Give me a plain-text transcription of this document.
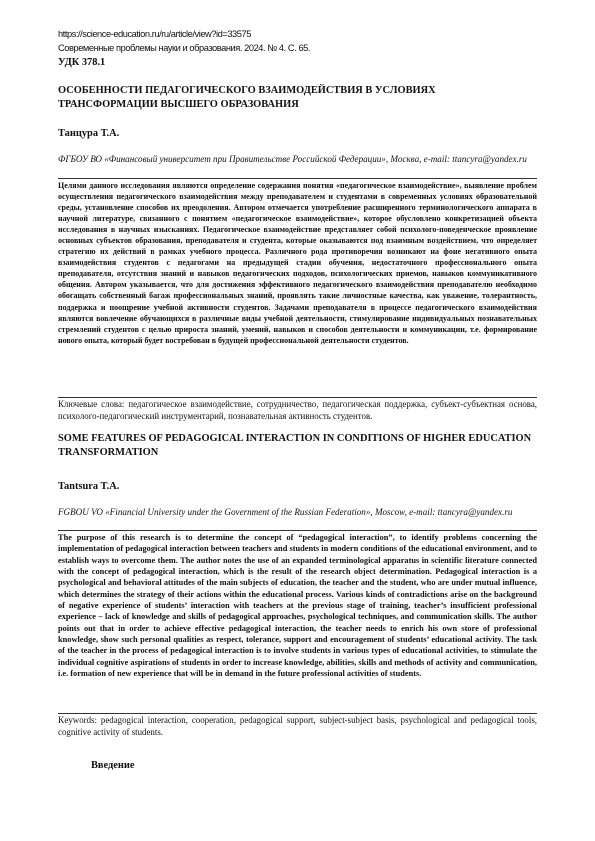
https://science-education.ru/ru/article/view?id=33575
Современные проблемы науки и образования. 2024. № 4. С. 65.
УДК 378.1
ОСОБЕННОСТИ ПЕДАГОГИЧЕСКОГО ВЗАИМОДЕЙСТВИЯ В УСЛОВИЯХ ТРАНСФОРМАЦИИ ВЫСШЕГО ОБРАЗОВАНИЯ
Танцура Т.А.
ФГБОУ ВО «Финансовый университет при Правительстве Российской Федерации», Москва, e-mail: ttancyra@yandex.ru
Целями данного исследования являются определение содержания понятия «педагогическое взаимодействие», выявление проблем осуществления педагогического взаимодействия между преподавателем и студентами в современных условиях образовательной среды, установление способов их преодоления. Автором отмечается употребление расширенного терминологического аппарата в научной литературе, связанного с понятием «педагогическое взаимодействие», которое обусловлено конкретизацией объекта исследования в научных изысканиях. Педагогическое взаимодействие представляет собой психолого-поведенческое проявление основных субъектов образования, преподавателя и студента, которые оказываются под взаимным воздействием, что определяет стратегию их действий в рамках учебного процесса. Различного рода противоречия возникают на фоне негативного опыта взаимодействия студентов с педагогами на предыдущей стадии обучения, недостаточного профессионального опыта преподавателя, отсутствия знаний и навыков педагогических подходов, психологических приемов, навыков коммуникативного общения. Автором указывается, что для достижения эффективного педагогического взаимодействия преподавателю необходимо обогащать собственный багаж профессиональных знаний, проявлять такие личностные качества, как уважение, толерантность, поддержка и поощрение учебной активности студентов. Задачами преподавателя в процессе педагогического взаимодействия являются вовлечение обучающихся в различные виды учебной деятельности, стимулирование индивидуальных познавательных стремлений студентов с целью прироста знаний, умений, навыков и способов деятельности и коммуникации, т.е. формирование нового опыта, который будет востребован в будущей профессиональной деятельности студентов.
Ключевые слова: педагогическое взаимодействие, сотрудничество, педагогическая поддержка, субъект-субъектная основа, психолого-педагогический инструментарий, познавательная активность студентов.
SOME FEATURES OF PEDAGOGICAL INTERACTION IN CONDITIONS OF HIGHER EDUCATION TRANSFORMATION
Tantsura T.A.
FGBOU VO «Financial University under the Government of the Russian Federation», Moscow, e-mail: ttancyra@yandex.ru
The purpose of this research is to determine the concept of “pedagogical interaction”, to identify problems concerning the implementation of pedagogical interaction between teachers and students in modern conditions of the educational environment, and to establish ways to overcome them. The author notes the use of an expanded terminological apparatus in scientific literature connected with the concept of pedagogical interaction, which is the result of the research object determination. Pedagogical interaction is a psychological and behavioral attitudes of the main subjects of education, the teacher and the student, who are under mutual influence, which determines the strategy of their actions within the educational process. Various kinds of contradictions arise on the background of negative experience of students’ interaction with teachers at the previous stage of training, teacher’s insufficient professional experience – lack of knowledge and skills of pedagogical approaches, psychological techniques, and communication skills. The author points out that in order to achieve effective pedagogical interaction, the teacher needs to enrich his own store of professional knowledge, show such personal qualities as respect, tolerance, support and encouragement of students’ educational activity. The task of the teacher in the process of pedagogical interaction is to involve students in various types of educational activities, to stimulate the individual cognitive aspirations of students in order to increase knowledge, abilities, skills and methods of activity and communication, i.e. formation of new experience that will be in demand in the future professional activities of students.
Keywords: pedagogical interaction, cooperation, pedagogical support, subject-subject basis, psychological and pedagogical tools, cognitive activity of students.
Введение
